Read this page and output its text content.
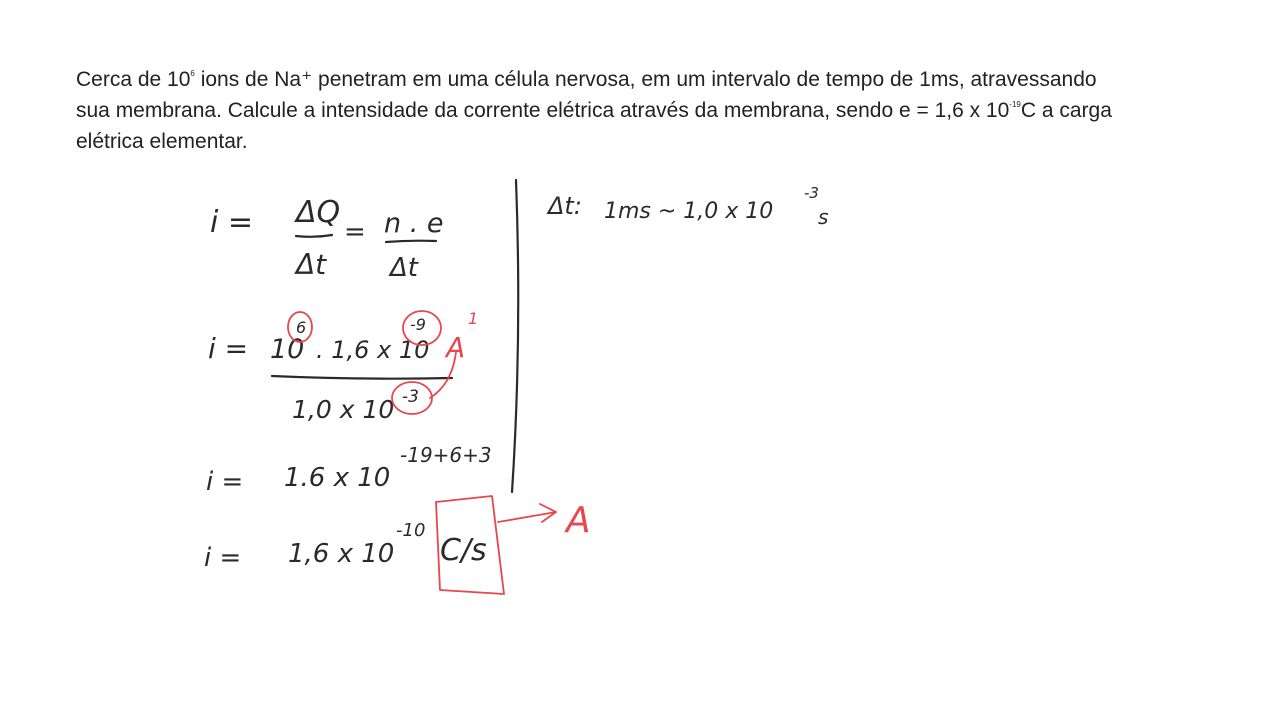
Cerca de $10^6$ ions de Na⁺ penetram em uma célula nervosa, em um intervalo de tempo de 1ms, atravessando
sua membrana. Calcule a intensidade da corrente elétrica através da membrana, sendo e = 1,6 x $10^{-19}C$ a carga
elétrica elementar.
i = ΔQ
Δt
= n . e
Δt
i = 10
6
. 1,6 x 10
-9
1,0 x 10 -3
i = 1.6 x 10
-19+6+3
i = 1,6 x 10
-10
C/s
Δt: 1ms ~ 1,0 x 10
-3
s
A
1
A
